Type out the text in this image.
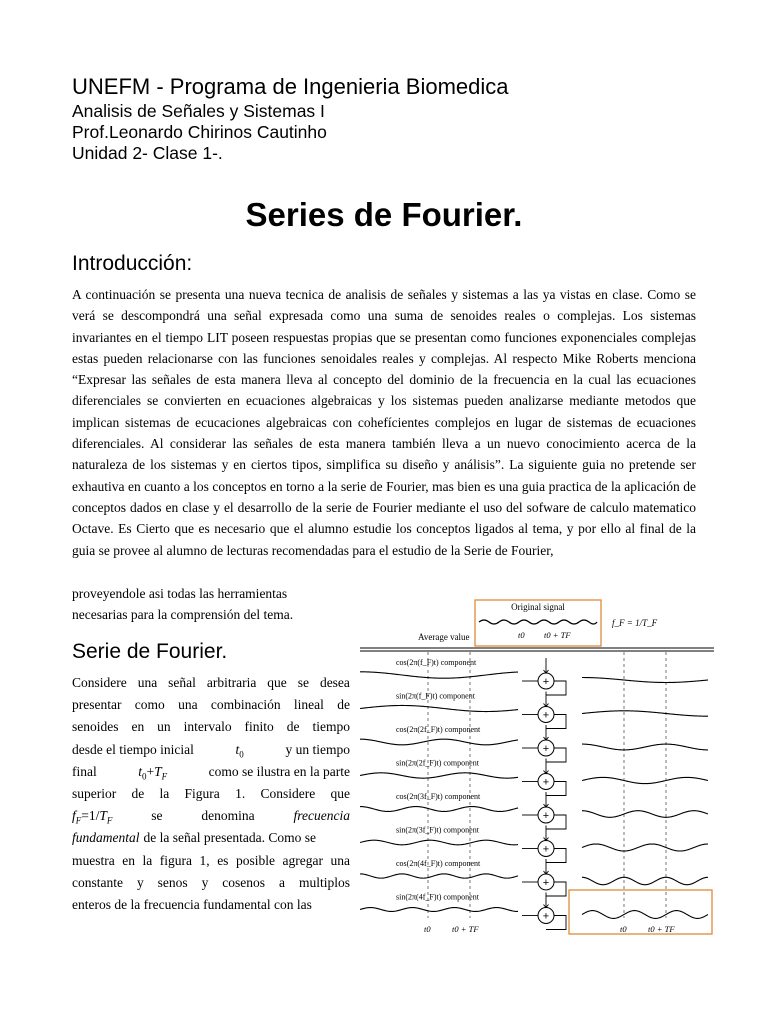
UNEFM - Programa de Ingenieria Biomedica
Analisis de Señales y Sistemas I
Prof.Leonardo Chirinos Cautinho
Unidad 2- Clase 1-.
Series de Fourier.
Introducción:
A continuación se presenta una nueva tecnica de analisis de señales y sistemas a las ya vistas en clase. Como se verá se descompondrá una señal expresada como una suma de senoides reales o complejas. Los sistemas invariantes en el tiempo LIT poseen respuestas propias que se presentan como funciones exponenciales complejas estas pueden relacionarse con las funciones senoidales reales y complejas. Al respecto Mike Roberts menciona “Expresar las señales de esta manera lleva al concepto del dominio de la frecuencia en la cual las ecuaciones diferenciales se convierten en ecuaciones algebraicas y los sistemas pueden analizarse mediante metodos que implican sistemas de ecucaciones algebraicas con cohefícientes complejos en lugar de sistemas de ecuaciones diferenciales. Al considerar las señales de esta manera también lleva a un nuevo conocimiento acerca de la naturaleza de los sistemas y en ciertos tipos, simplifica su diseño y análisis”. La siguiente guia no pretende ser exhautiva en cuanto a los conceptos en torno a la serie de Fourier, mas bien es una guia practica de la aplicación de conceptos dados en clase y el desarrollo de la serie de Fourier mediante el uso del sofware de calculo matematico Octave. Es Cierto que es necesario que el alumno estudie los conceptos ligados al tema, y por ello al final de la guia se provee al alumno de lecturas recomendadas para el estudio de la Serie de Fourier,
proveyendole asi todas las herramientas
necesarias para la comprensión del tema.
Serie de Fourier.
Considere una señal arbitraria que se desea
presentar como una combinación lineal de
senoides en un intervalo finito de tiempo
desde el tiempo inicial	$t_0$	y un tiempo
final	$t_0+T_F$	como se ilustra en la parte
superior de la Figura 1. Considere que
$f_F=1/T_F$	se	denomina	frecuencia
fundamental de la señal presentada. Como se
muestra en la figura 1, es posible agregar una
constante y senos y cosenos a multiplos
enteros de la frecuencia fundamental con las
Original signal
t0 t0 + TF
f_F = 1/T_F
Average value
cos(2π(f_F)t) component
+
sin(2π(f_F)t) component
+
cos(2π(2f_F)t) component
+
sin(2π(2f_F)t) component
+
cos(2π(3f_F)t) component
+
sin(2π(3f_F)t) component
+
cos(2π(4f_F)t) component
+
sin(2π(4f_F)t) component
+
t0	t0 + TF	t0	t0 + TF
